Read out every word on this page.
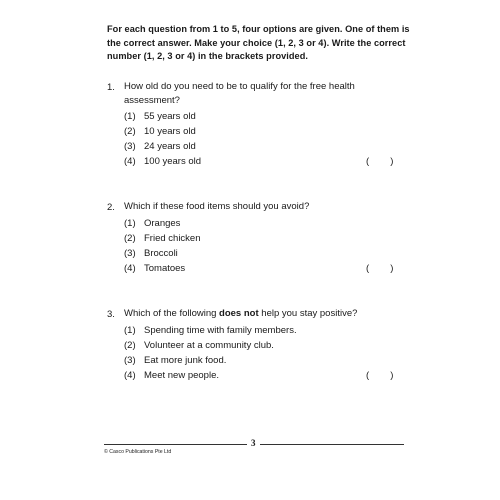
For each question from 1 to 5, four options are given. One of them is
the correct answer. Make your choice (1, 2, 3 or 4). Write the correct
number (1, 2, 3 or 4) in the brackets provided.
1. How old do you need to be to qualify for the free health
assessment?
(1) 55 years old
(2) 10 years old
(3) 24 years old
(4) 100 years old	(        )
2. Which if these food items should you avoid?
(1) Oranges
(2) Fried chicken
(3) Broccoli
(4) Tomatoes	(        )
3. Which of the following does not help you stay positive?
(1) Spending time with family members.
(2) Volunteer at a community club.
(3) Eat more junk food.
(4) Meet new people.	(        )
3
© Casco Publications Pte Ltd
